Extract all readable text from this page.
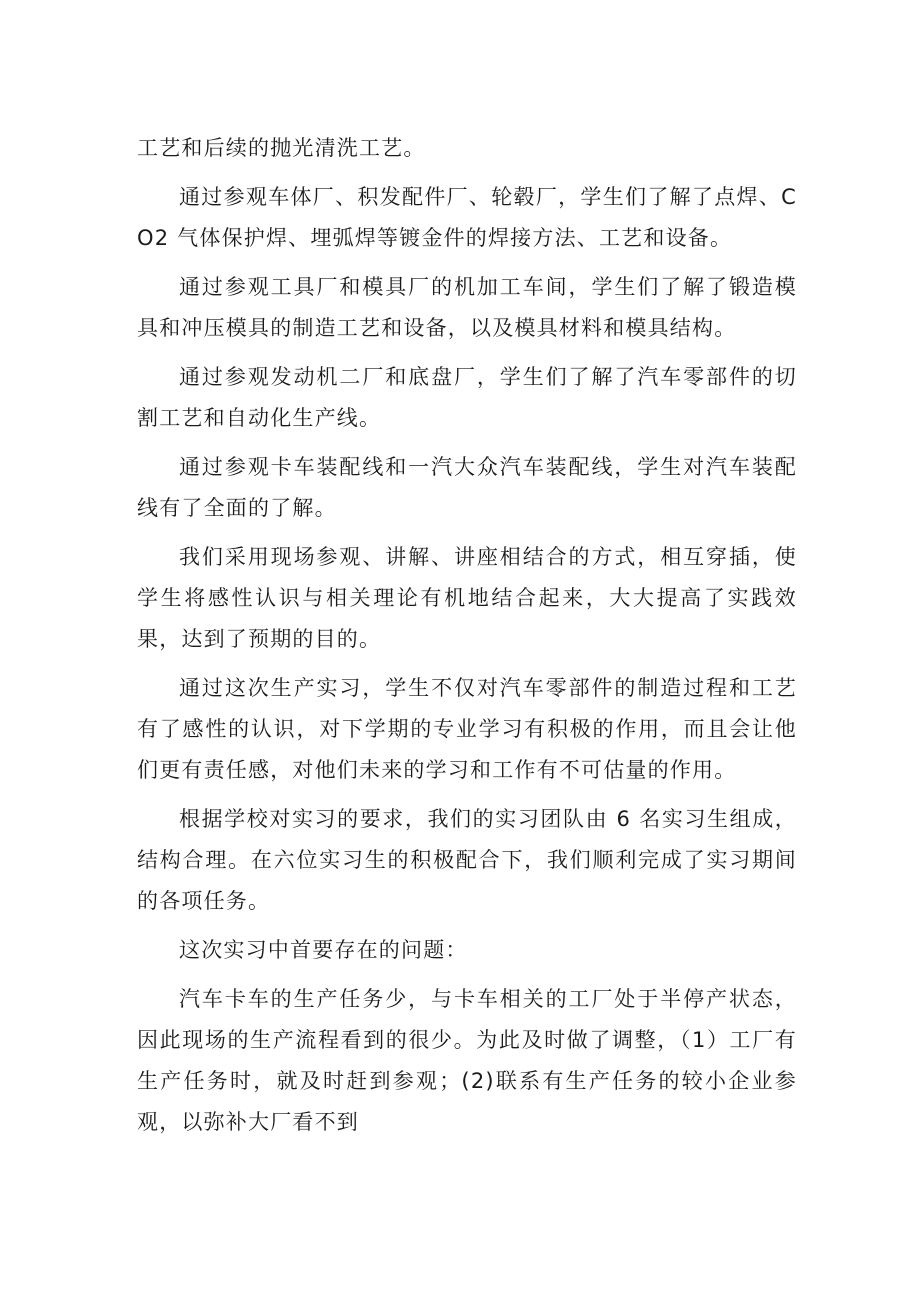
工艺和后续的抛光清洗工艺。

通过参观车体厂、积发配件厂、轮毂厂，学生们了解了点焊、CO2 气体保护焊、埋弧焊等镀金件的焊接方法、工艺和设备。

通过参观工具厂和模具厂的机加工车间，学生们了解了锻造模具和冲压模具的制造工艺和设备，以及模具材料和模具结构。

通过参观发动机二厂和底盘厂，学生们了解了汽车零部件的切割工艺和自动化生产线。

通过参观卡车装配线和一汽大众汽车装配线，学生对汽车装配线有了全面的了解。

我们采用现场参观、讲解、讲座相结合的方式，相互穿插，使学生将感性认识与相关理论有机地结合起来，大大提高了实践效果，达到了预期的目的。

通过这次生产实习，学生不仅对汽车零部件的制造过程和工艺有了感性的认识，对下学期的专业学习有积极的作用，而且会让他们更有责任感，对他们未来的学习和工作有不可估量的作用。

根据学校对实习的要求，我们的实习团队由 6 名实习生组成，结构合理。在六位实习生的积极配合下，我们顺利完成了实习期间的各项任务。

这次实习中首要存在的问题：

汽车卡车的生产任务少，与卡车相关的工厂处于半停产状态，因此现场的生产流程看到的很少。为此及时做了调整，（1）工厂有生产任务时，就及时赶到参观；(2)联系有生产任务的较小企业参观，以弥补大厂看不到
